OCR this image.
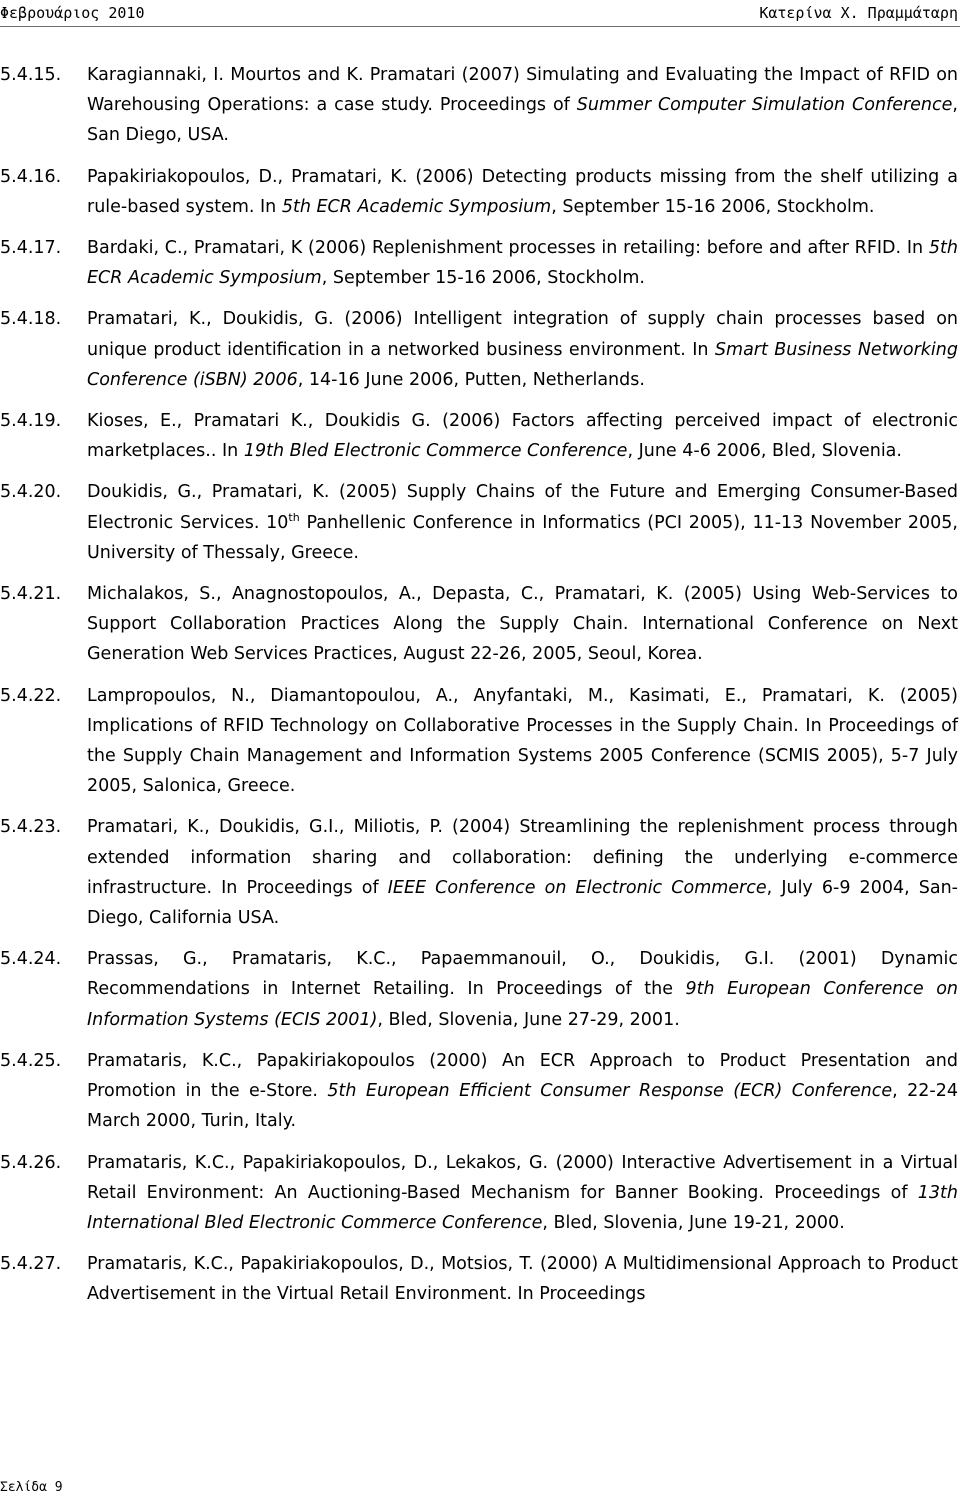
Φεβρουάριος 2010	Κατερίνα Χ. Πραμμάταρη
5.4.15.	Karagiannaki, I. Mourtos and K. Pramatari (2007) Simulating and Evaluating the Impact of RFID on Warehousing Operations: a case study. Proceedings of Summer Computer Simulation Conference, San Diego, USA.
5.4.16.	Papakiriakopoulos, D., Pramatari, K. (2006) Detecting products missing from the shelf utilizing a rule-based system. In 5th ECR Academic Symposium, September 15-16 2006, Stockholm.
5.4.17.	Bardaki, C., Pramatari, K (2006) Replenishment processes in retailing: before and after RFID. In 5th ECR Academic Symposium, September 15-16 2006, Stockholm.
5.4.18.	Pramatari, K., Doukidis, G. (2006) Intelligent integration of supply chain processes based on unique product identification in a networked business environment. In Smart Business Networking Conference (iSBN) 2006, 14-16 June 2006, Putten, Netherlands.
5.4.19.	Kioses, E., Pramatari K., Doukidis G. (2006) Factors affecting perceived impact of electronic marketplaces.. In 19th Bled Electronic Commerce Conference, June 4-6 2006, Bled, Slovenia.
5.4.20.	Doukidis, G., Pramatari, K. (2005) Supply Chains of the Future and Emerging Consumer-Based Electronic Services. 10th Panhellenic Conference in Informatics (PCI 2005), 11-13 November 2005, University of Thessaly, Greece.
5.4.21.	Michalakos, S., Anagnostopoulos, A., Depasta, C., Pramatari, K. (2005) Using Web-Services to Support Collaboration Practices Along the Supply Chain. International Conference on Next Generation Web Services Practices, August 22-26, 2005, Seoul, Korea.
5.4.22.	Lampropoulos, N., Diamantopoulou, A., Anyfantaki, M., Kasimati, E., Pramatari, K. (2005) Implications of RFID Technology on Collaborative Processes in the Supply Chain. In Proceedings of the Supply Chain Management and Information Systems 2005 Conference (SCMIS 2005), 5-7 July 2005, Salonica, Greece.
5.4.23.	Pramatari, K., Doukidis, G.I., Miliotis, P. (2004) Streamlining the replenishment process through extended information sharing and collaboration: defining the underlying e-commerce infrastructure. In Proceedings of IEEE Conference on Electronic Commerce, July 6-9 2004, San-Diego, California USA.
5.4.24.	Prassas, G., Pramataris, K.C., Papaemmanouil, O., Doukidis, G.I. (2001) Dynamic Recommendations in Internet Retailing. In Proceedings of the 9th European Conference on Information Systems (ECIS 2001), Bled, Slovenia, June 27-29, 2001.
5.4.25.	Pramataris, K.C., Papakiriakopoulos (2000) An ECR Approach to Product Presentation and Promotion in the e-Store. 5th European Efficient Consumer Response (ECR) Conference, 22-24 March 2000, Turin, Italy.
5.4.26.	Pramataris, K.C., Papakiriakopoulos, D., Lekakos, G. (2000) Interactive Advertisement in a Virtual Retail Environment: An Auctioning-Based Mechanism for Banner Booking. Proceedings of 13th International Bled Electronic Commerce Conference, Bled, Slovenia, June 19-21, 2000.
5.4.27.	Pramataris, K.C., Papakiriakopoulos, D., Motsios, T. (2000) A Multidimensional Approach to Product Advertisement in the Virtual Retail Environment. In Proceedings
Σελίδα 9
